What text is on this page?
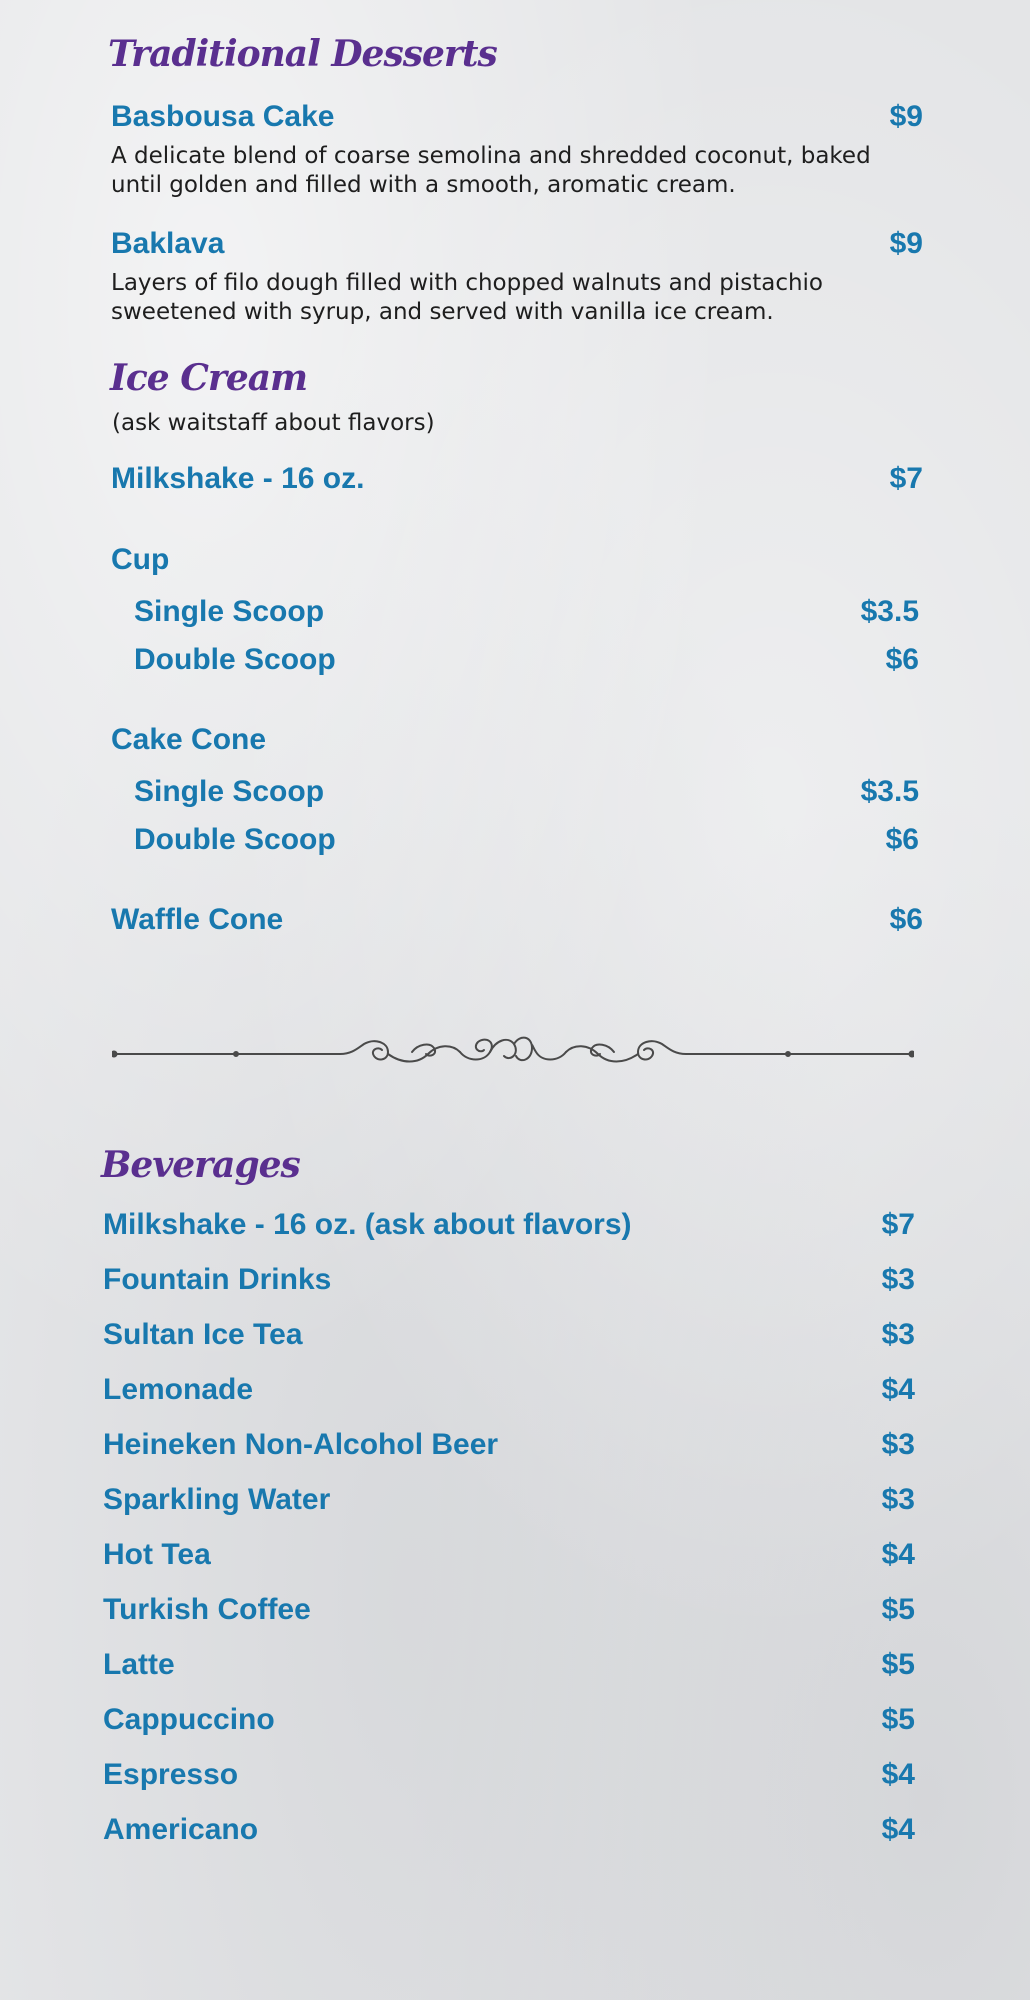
Traditional Desserts
Basbousa Cake	$9

A delicate blend of coarse semolina and shredded coconut, baked until golden and filled with a smooth, aromatic cream.

Baklava	$9

Layers of filo dough filled with chopped walnuts and pistachio sweetened with syrup, and served with vanilla ice cream.

Ice Cream

(ask waitstaff about flavors)

Milkshake - 16 oz.	$7
Cup
Single Scoop	$3.5
Double Scoop	$6
Cake Cone
Single Scoop	$3.5
Double Scoop	$6
Waffle Cone	$6
Beverages
Milkshake - 16 oz. (ask about flavors)	$7
Fountain Drinks	$3
Sultan Ice Tea	$3
Lemonade	$4
Heineken Non-Alcohol Beer	$3
Sparkling Water	$3
Hot Tea	$4
Turkish Coffee	$5
Latte	$5
Cappuccino	$5
Espresso	$4
Americano	$4
